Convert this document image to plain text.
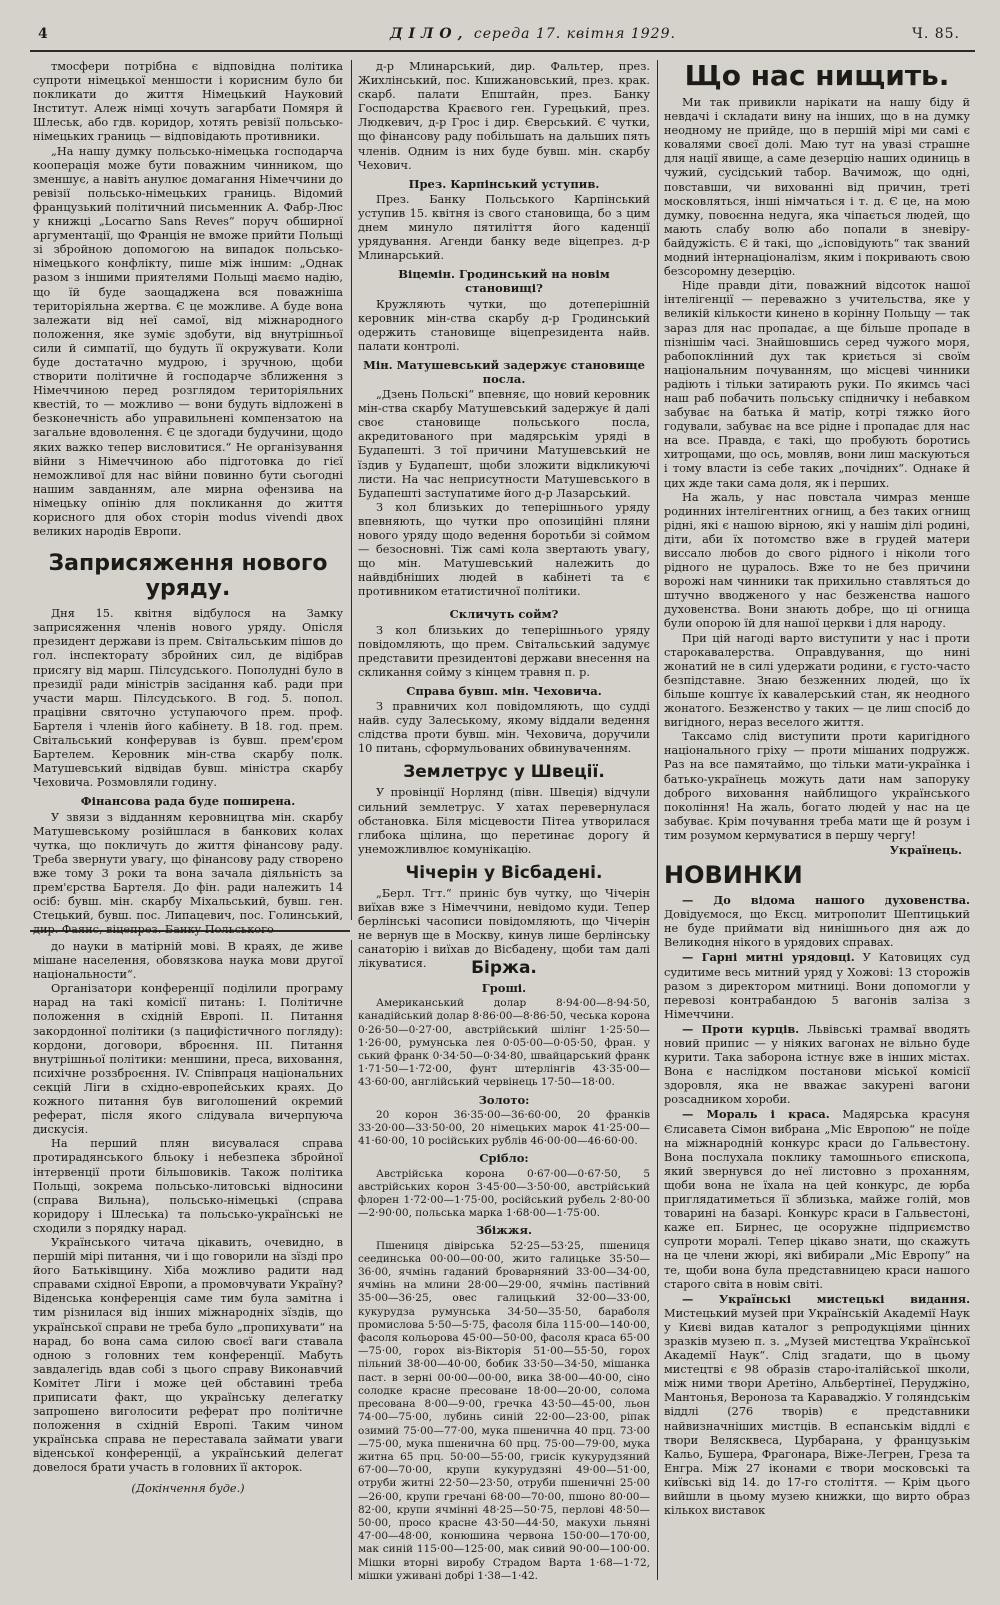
4	ДІЛО, середа 17. квітня 1929.	Ч. 85.

тмосфери потрібна є відповідна політика супроти німецької меншости і корисним було би покликати до життя Німецький Науковий Інститут. Алеж німці хочуть загарбати Помяря й Шлеськ, або гдв. коридор, хотять ревізії польсько-німецьких границь — відповідають противники.

„На нашу думку польсько-німецька господарча кооперація може бути поважним чинником, що зменшує, а навіть анулює домагання Німеччини до ревізії польсько-німецьких границь. Відомий французький політичний письменник А. Фабр-Люс у книжці „Locarno Sans Reves“ поруч обширної аргументації, що Франція не вможе прийти Польщі зі збройною допомогою на випадок польсько-німецького конфлікту, пише між іншим: „Однак разом з іншими приятелями Польщі маємо надію, що їй буде заощаджена вся поважніша територіяльна жертва. Є це можливе. А буде вона залежати від неї самої, від міжнародного положення, яке зуміє здобути, від внутрішньої сили й симпатії, що будуть її окружувати. Коли буде достатачно мудрою, і зручною, щоби створити політичне й господарче зближення з Німеччиною перед розглядом територіяльних квестій, то — можливо — вони будуть відложені в безконечність або управильнені компензатою на загальне вдоволення. Є це здогади будучини, щодо яких важко тепер висловитися.“ Не організування війни з Німеччиною або підготовка до гієї неможливої для нас війни повинно бути сьогодні нашим завданням, але мирна офензива на німецьку опінію для покликання до життя корисного для обох сторін modus vivendi двох великих народів Европи.

Заприсяження нового уряду.

Дня 15. квітня відбулося на Замку заприсяження членів нового уряду. Опісля президент держави із прем. Світальським пішов до гол. інспекторату збройних сил, де відібрав присягу від марш. Пілсудського. Пополудні було в президії ради міністрів засідання каб. ради при участи марш. Пілсудського. В год. 5. попол. працівни святочно уступаючого прем. проф. Бартеля і членів його кабінету. В 18. год. прем. Світальський конферував із бувш. прем'єром Бартелем. Керовник мін-ства скарбу полк. Матушевський відвідав бувш. міністра скарбу Чеховича. Розмовляли годину.

Фінансова рада буде поширена.

У звязи з відданням керовництва мін. скарбу Матушевському розійшлася в банкових колах чутка, що покличуть до життя фінансову раду. Треба звернути увагу, що фінансову раду створено вже тому 3 роки та вона зачала діяльність за прем'єрства Бартеля. До фін. ради належить 14 осіб: бувш. мін. скарбу Міхальський, бувш. ген. Стецький, бувш. пос. Липацевич, пос. Голинський, дир. Фаянс, віцепрез. Банку Польського

д-р Млинарський, дир. Фальтер, през. Жихлінський, пос. Кшижановський, през. крак. скарб. палати Епштайн, през. Банку Господарства Краєвого ген. Гурецький, през. Людкевич, д-р Грос і дир. Єверський. Є чутки, що фінансову раду побільшать на дальших пять членів. Одним із них буде бувш. мін. скарбу Чехович.

През. Карпінський уступив.

През. Банку Польського Карпінський уступив 15. квітня із свого становища, бо з цим днем минуло пятиліття його каденції урядування. Агенди банку веде віцепрез. д-р Млинарський.

Віцемін. Гродинський на новім становищі?

Кружляють чутки, що дотеперішній керовник мін-ства скарбу д-р Гродинський одержить становище віцепрезидента найв. палати контролі.

Мін. Матушевський задержує становище посла.

„Дзень Польскі“ впевняє, що новий керовник мін-ства скарбу Матушевський задержує й далі своє становище польського посла, акредитованого при мадярськім уряді в Будапешті. З тої причини Матушевський не їздив у Будапешт, щоби зложити відкликуючі листи. На час неприсутности Матушевського в Будапешті заступатиме його д-р Лазарський.

З кол близьких до теперішнього уряду впевняють, що чутки про опозиційні пляни нового уряду щодо ведення боротьби зі соймом — безосновні. Тіж самі кола звертають увагу, що мін. Матушевський належить до найвдібніших людей в кабінеті та є противником етатистичної політики.

Скличуть сойм?

З кол близьких до теперішнього уряду повідомляють, що прем. Світальський задумує представити президентові держави внесення на скликання сойму з кінцем травня п. р.

Справа бувш. мін. Чеховича.

З правничих кол повідомляють, що судді найв. суду Залеському, якому віддали ведення слідства проти бувш. мін. Чеховича, доручили 10 питань, сформульованих обвинуваченням.

Землетрус у Швеції.

У провінції Норлянд (півн. Швеція) відчули сильний землетрус. У хатах перевернулася обстановка. Біля місцевости Пітеа утворилася глибока щілина, що перетинає дорогу й унеможливлює комунікацію.

Чічерін у Вісбадені.

„Берл. Тгт.“ приніс був чутку, що Чічерін виїхав вже з Німеччини, невідомо куди. Тепер берлінські часописи повідомляють, що Чічерін не вернув ще в Москву, кинув лише берлінську санаторію і виїхав до Вісбадену, щоби там далі лікуватися.	Біржа.
Гроші.

Американський долар 8·94·00—8·94·50, канадійський долар 8·86·00—8·86·50, чеська корона 0·26·50—0·27·00, австрійський шілінг 1·25·50—1·26·00, румунська лея 0·05·00—0·05·50, фран. у ський франк 0·34·50—0·34·80, швайцарський франк 1·71·50—1·72·00, фунт штерлінгів 43·35·00—43·60·00, англійський червінець 17·50—18·00.

Золото:

20 корон 36·35·00—36·60·00, 20 франків 33·20·00—33·50·00, 20 німецьких марок 41·25·00—41·60·00, 10 російських рублів 46·00·00—46·60·00.

Срібло:

Австрійська корона 0·67·00—0·67·50, 5 австрійських корон 3·45·00—3·50·00, австрійський флорен 1·72·00—1·75·00, російський рубель 2·80·00—2·90·00, польська марка 1·68·00—1·75·00.

Збіжжя.

Пшениця дівірська 52·25—53·25, пшениця сеединська 00·00—00·00, жито галицьке 35·50—36·00, ячмінь гаданий броварняний 33·00—34·00, ячмінь на млини 28·00—29·00, ячмінь пастівний 35·00—36·25, овес галицький 32·00—33·00, кукурудза румунська 34·50—35·50, бараболя промислова 5·50—5·75, фасоля біла 115·00—140·00, фасоля кольорова 45·00—50·00, фасоля краса 65·00—75·00, горох віз-Вікторія 51·00—55·50, горох пільний 38·00—40·00, бобик 33·50—34·50, мішанка паст. в зерні 00·00—00·00, вика 38·00—40·00, сіно солодке красне пресоване 18·00—20·00, солома пресована 8·00—9·00, гречка 43·50—45·00, льон 74·00—75·00, лубинь синій 22·00—23·00, ріпак озимий 75·00—77·00, мука пшенична 40 прц. 73·00—75·00, мука пшенична 60 прц. 75·00—79·00, мука житна 65 прц. 50·00—55·00, грисік кукурудзяний 67·00—70·00, крупи кукурудзяні 49·00—51·00, отруби житні 22·50—23·50, отруби пшеничні 25·00—26·00, крупи гречані 68·00—70·00, пшоно 80·00—82·00, крупи ячмінні 48·25—50·75, перлові 48·50—50·00, просо красне 43·50—44·50, макухи льняні 47·00—48·00, конюшина червона 150·00—170·00, мак синій 115·00—125·00, мак сивий 90·00—100·00. Мішки вторні виробу Страдом Варта 1·68—1·72, мішки уживані добрі 1·38—1·42.

Що нас нищить.

Ми так привикли нарікати на нашу біду й невдачі і складати вину на інших, що в на думку неодному не прийде, що в першій мірі ми самі є ковалями своєї долі. Маю тут на увазі страшне для нації явище, а саме дезерцію наших одиниць в чужий, сусідський табор. Вачимож, що одні, повставши, чи вихованні від причин, треті московляться, інші німчаться і т. д. Є це, на мою думку, повоєнна недуга, яка чіпається людей, що мають слабу волю або попали в зневіру-байдужість. Є й такі, що „ісповідують“ так званий модний інтернаціоналізм, яким і покривають свою безсоромну дезерцію.

Ніде правди діти, поважний відсоток нашої інтелігенції — переважно з учительства, яке у великій кількости кинено в корінну Польщу — так зараз для нас пропадає, а ще більше пропаде в пізнішім часі. Знайшовшись серед чужого моря, рабопоклінний дух так криється зі своїм національним почуванням, що місцеві чинники радіють і тільки затирають руки. По якимсь часі наш раб побачить польську спідничку і небавком забуває на батька й матір, котрі тяжко його годували, забуває на все рідне і пропадає для нас на все. Правда, є такі, що пробують боротись хитрощами, що ось, мовляв, вони лиш маскуються і тому власти із себе таких „почідних“. Однаке й цих жде таки сама доля, як і перших.

На жаль, у нас повстала чимраз менше родинних інтелігентних огнищ, а без таких огнищ рідні, які є нашою вірною, які у нашім ділі родині, діти, аби їх потомство вже в грудей матери виссало любов до свого рідного і ніколи того рідного не цуралось. Вже то не без причини ворожі нам чинники так прихильно ставляться до штучно вводженого у нас безженства нашого духовенства. Вони знають добре, що ці огнища були опорою їй для нашої церкви і для народу.

При цій нагоді варто виступити у нас і проти старокавалерства. Оправдування, що нині жонатий не в силі удержати родини, є густо-часто безпідставне. Знаю безженних людей, що їх більше коштує їх кавалерський стан, як неодного жонатого. Безженство у таких — це лиш спосіб до вигідного, нераз веселого життя.

Таксамо слід виступити проти каригідного національного гріху — проти мішаних подружж. Раз на все памятаймо, що тільки мати-українка і батько-українець можуть дати нам запоруку доброго виховання найблищого українського покоління! На жаль, богато людей у нас на це забуває. Крім почування треба мати ще й розум і тим розумом кермуватися в першу чергу!

Українець.
НОВИНКИ

— До відома нашого духовенства. Довідуємося, що Ексц. митрополит Шептицький не буде приймати від нинішнього дня аж до Великодня нікого в урядових справах.

— Гарні митні урядовці. У Катовицях суд судитиме весь митний уряд у Хожові: 13 сторожів разом з директором митниці. Вони допомогли у перевозі контрабандою 5 вагонів заліза з Німеччини.

— Проти курців. Львівські трамваї вводять новий припис — у ніяких вагонах не вільно буде курити. Така заборона істнує вже в інших містах. Вона є наслідком постанови міської комісії здоровля, яка не вважає закурені вагони розсадником хороби.

— Мораль і краса. Мадярська красуня Єлисавета Сімон вибрана „Міс Европою“ не поїде на міжнародній конкурс краси до Гальвестону. Вона послухала поклику тамошнього єпископа, який звернувся до неї листовно з проханням, щоби вона не їхала на цей конкурс, де юрба приглядатиметься її зблизька, майже голій, мов товарині на базарі. Конкурс краси в Гальвестоні, каже еп. Бирнес, це осоружне підприємство супроти моралі. Тепер цікаво знати, що скажуть на це члени жюрі, які вибирали „Міс Европу“ на те, щоби вона була представницею краси нашого старого світа в новім світі.

— Українські мистецькі видання. Мистецький музей при Українській Академії Наук у Києві видав каталог з репродукціями цінних зразків музею п. з. „Музей мистецтва Української Академії Наук“. Слід згадати, що в цьому мистецтві є 98 образів старо-італійської школи, між ними твори Аретіно, Альбертінеї, Перуджіно, Мантонья, Вероноза та Караваджіо. У голяндськім віддлі (276 творів) є представники найвизначніших мистців. В еспанськім віддлі є твори Велясквеса, Цурбарана, у французькім Кальо, Бушера, Фрагонара, Віже-Легрен, Греза та Енгра. Між 27 іконами є твори московські та київські від 14. до 17-го століття. — Крім цього вийшли в цьому музею книжки, що вирто образ кількох виставок

до науки в матірній мові. В краях, де живе мішане населення, обовязкова наука мови другої національности“.

Організатори конференції поділили програму нарад на такі комісії питань: І. Політичне положення в східній Европі. ІІ. Питання закордонної політики (з пацифістичного погляду): кордони, договори, вброєння. ІІІ. Питання внутрішньої політики: меншини, преса, виховання, психічне роззброєння. IV. Співпраця національних секцій Ліги в східно-европейських краях. До кожного питання був виголошений окремий реферат, після якого слідувала вичерпуюча дискусія.

На перший плян висувалася справа протирадянського бльоку і небезпека збройної інтервенції проти більшовиків. Також політика Польщі, зокрема польсько-литовські відносини (справа Вильна), польсько-німецькі (справа коридору і Шлеська) та польсько-українські не сходили з порядку нарад.

Українського читача цікавить, очевидно, в першій мірі питання, чи і що говорили на зїзді про його Батьківщину. Хіба можливо радити над справами східної Европи, а промовчувати Україну? Віденська конференція саме тим була замітна і тим різнилася від інших міжнародніх зїздів, що української справи не треба було „пропихувати“ на нарад, бо вона сама силою своєї ваги ставала одною з головних тем конференції. Мабуть завдалегідь вдав собі з цього справу Виконавчий Комітет Ліги і може цей обставині треба приписати факт, що українську делегатку запрошено виголосити реферат про політичне положення в східній Европі. Таким чином українська справа не переставала займати уваги віденської конференції, а український делегат довелося брати участь в головних її акторок.

(Докінчення буде.)
